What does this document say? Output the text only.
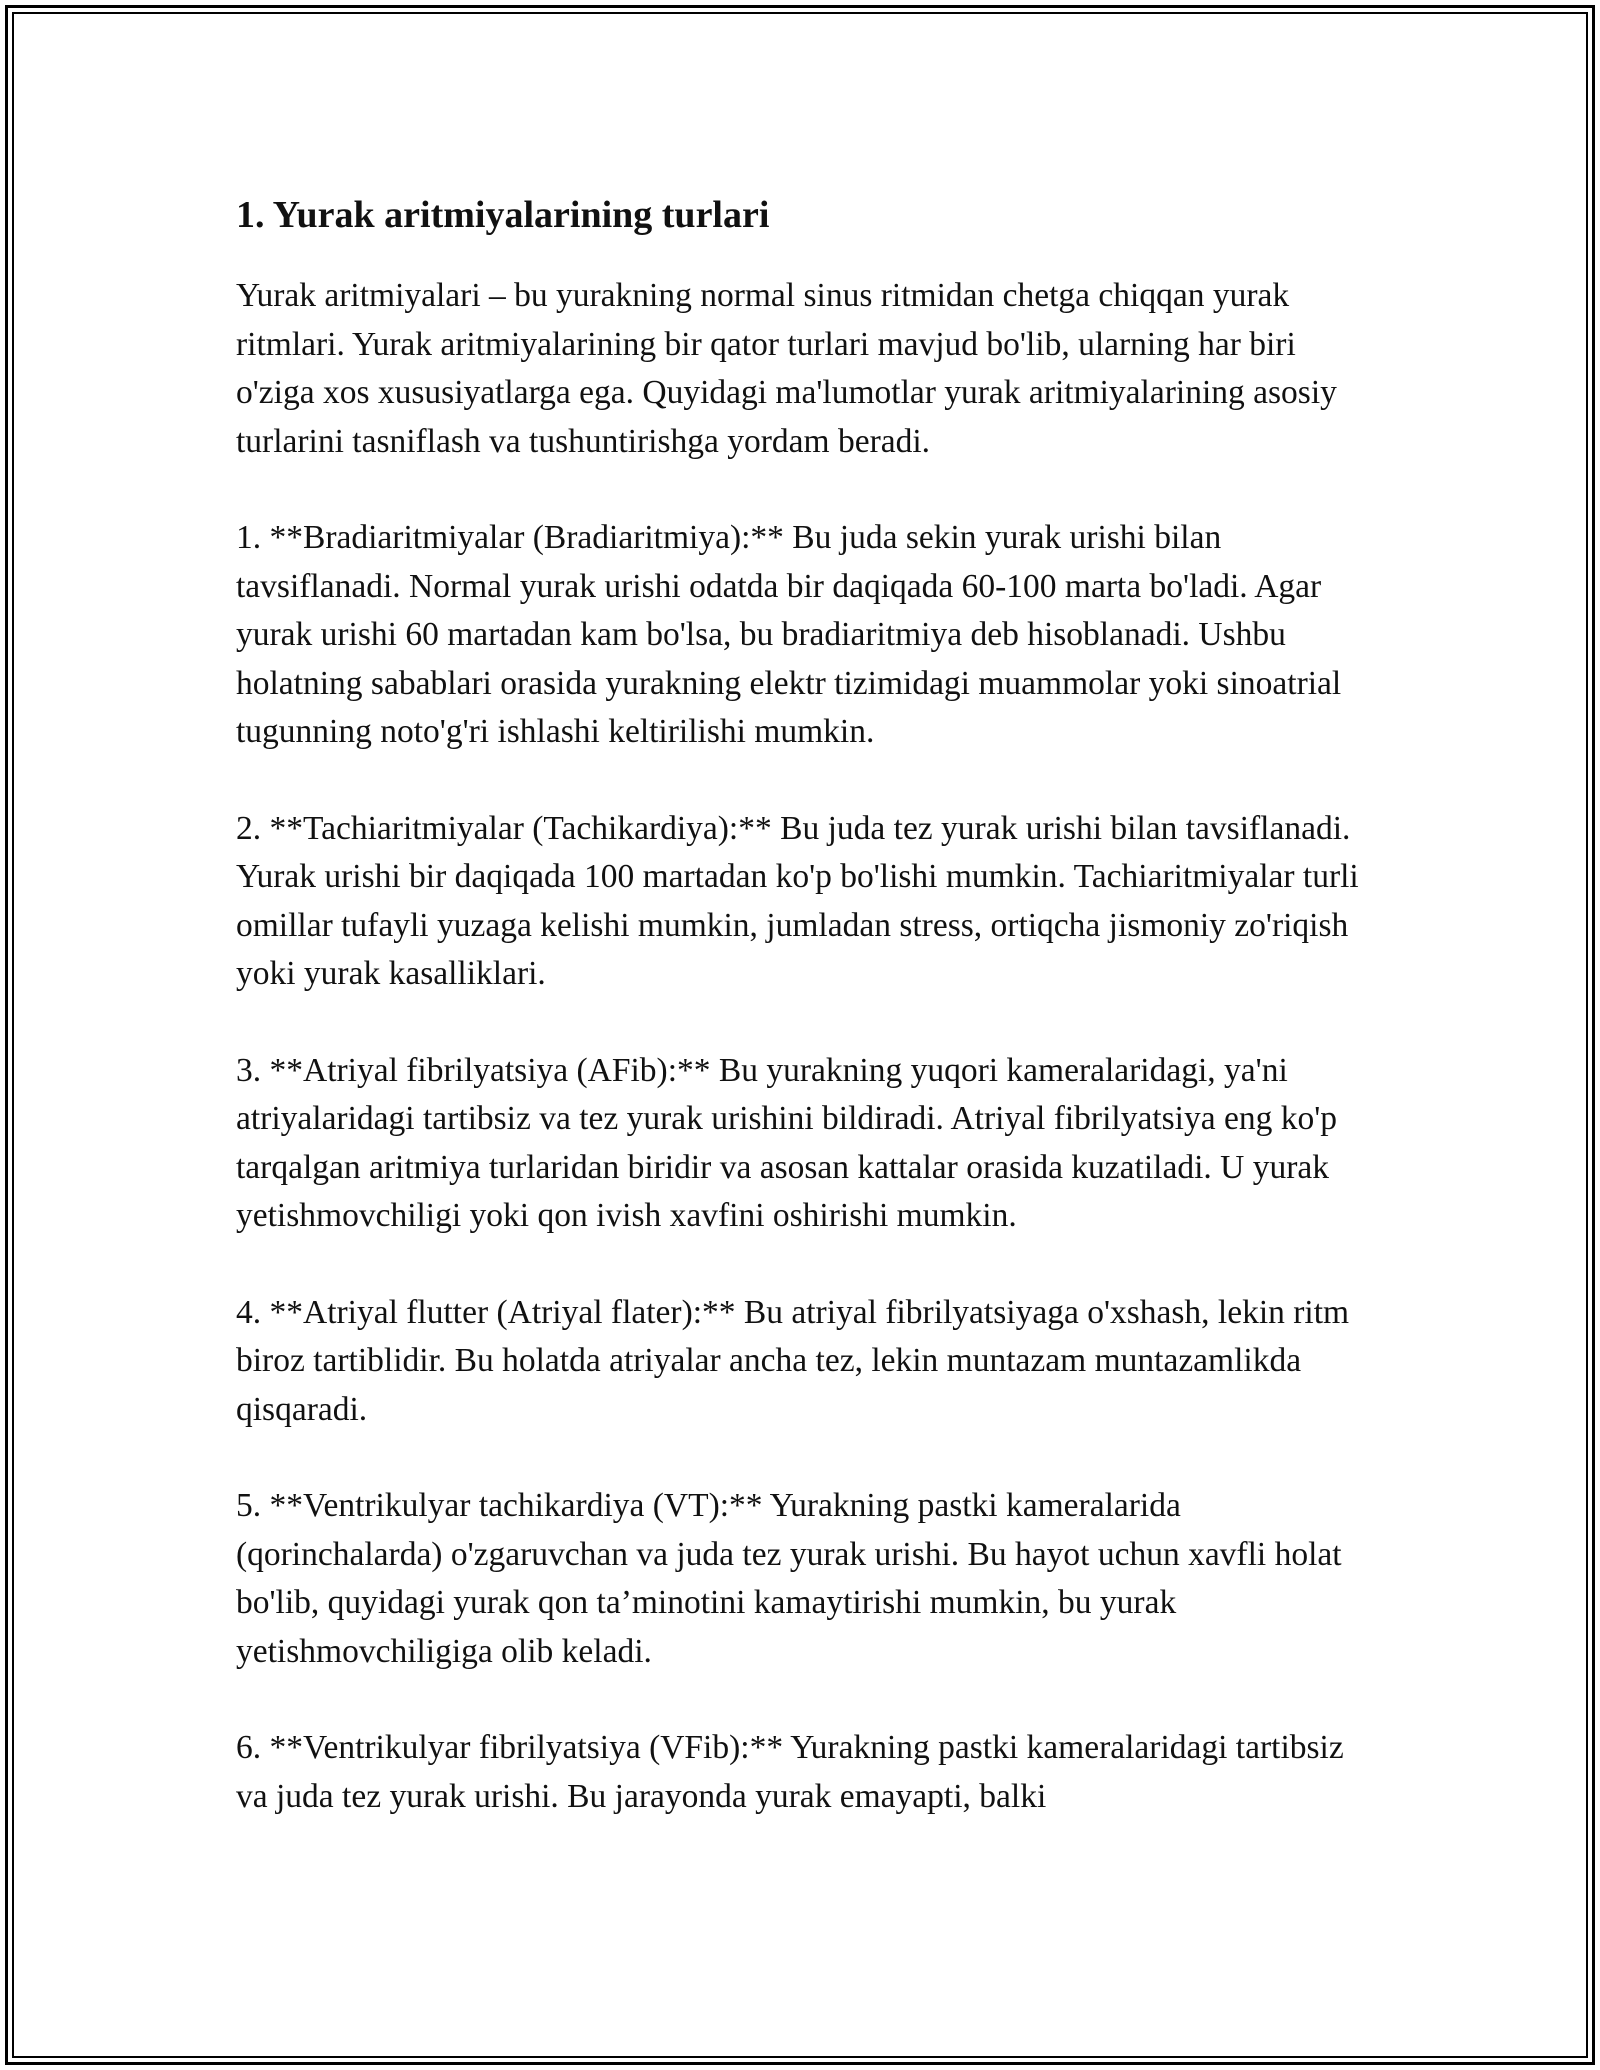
1. Yurak aritmiyalarining turlari

Yurak aritmiyalari – bu yurakning normal sinus ritmidan chetga chiqqan yurak ritmlari. Yurak aritmiyalarining bir qator turlari mavjud bo'lib, ularning har biri o'ziga xos xususiyatlarga ega. Quyidagi ma'lumotlar yurak aritmiyalarining asosiy turlarini tasniflash va tushuntirishga yordam beradi.

1. **Bradiaritmiyalar (Bradiaritmiya):** Bu juda sekin yurak urishi bilan tavsiflanadi. Normal yurak urishi odatda bir daqiqada 60-100 marta bo'ladi. Agar yurak urishi 60 martadan kam bo'lsa, bu bradiaritmiya deb hisoblanadi. Ushbu holatning sabablari orasida yurakning elektr tizimidagi muammolar yoki sinoatrial tugunning noto'g'ri ishlashi keltirilishi mumkin.

2. **Tachiaritmiyalar (Tachikardiya):** Bu juda tez yurak urishi bilan tavsiflanadi. Yurak urishi bir daqiqada 100 martadan ko'p bo'lishi mumkin. Tachiaritmiyalar turli omillar tufayli yuzaga kelishi mumkin, jumladan stress, ortiqcha jismoniy zo'riqish yoki yurak kasalliklari.

3. **Atriyal fibrilyatsiya (AFib):** Bu yurakning yuqori kameralaridagi, ya'ni atriyalaridagi tartibsiz va tez yurak urishini bildiradi. Atriyal fibrilyatsiya eng ko'p tarqalgan aritmiya turlaridan biridir va asosan kattalar orasida kuzatiladi. U yurak yetishmovchiligi yoki qon ivish xavfini oshirishi mumkin.

4. **Atriyal flutter (Atriyal flater):** Bu atriyal fibrilyatsiyaga o'xshash, lekin ritm biroz tartiblidir. Bu holatda atriyalar ancha tez, lekin muntazam muntazamlikda qisqaradi.

5. **Ventrikulyar tachikardiya (VT):** Yurakning pastki kameralarida (qorinchalarda) o'zgaruvchan va juda tez yurak urishi. Bu hayot uchun xavfli holat bo'lib, quyidagi yurak qon ta’minotini kamaytirishi mumkin, bu yurak yetishmovchiligiga olib keladi.

6. **Ventrikulyar fibrilyatsiya (VFib):** Yurakning pastki kameralaridagi tartibsiz va juda tez yurak urishi. Bu jarayonda yurak emayapti, balki
